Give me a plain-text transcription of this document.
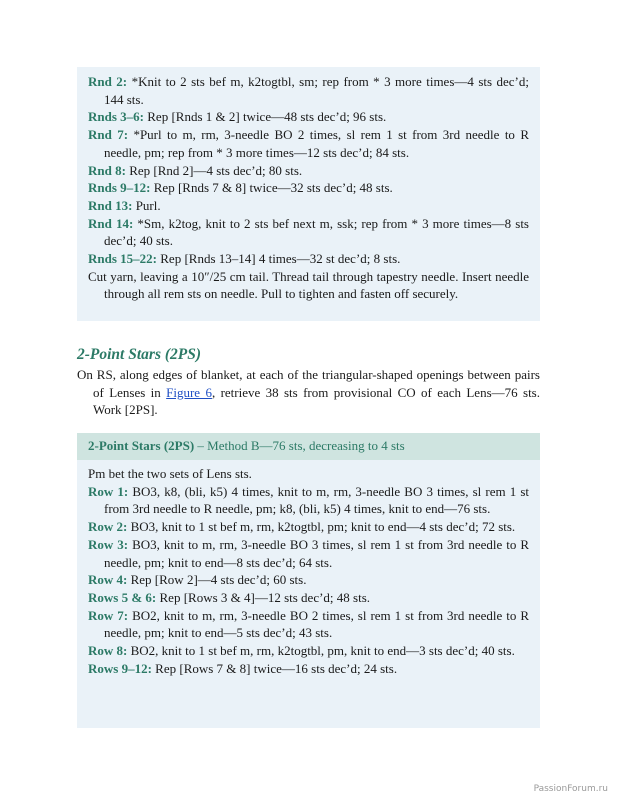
Rnd 2: *Knit to 2 sts bef m, k2togtbl, sm; rep from * 3 more times—4 sts dec’d; 144 sts.

Rnds 3–6: Rep [Rnds 1 & 2] twice—48 sts dec’d; 96 sts.

Rnd 7: *Purl to m, rm, 3-needle BO 2 times, sl rem 1 st from 3rd needle to R needle, pm; rep from * 3 more times—12 sts dec’d; 84 sts.

Rnd 8: Rep [Rnd 2]—4 sts dec’d; 80 sts.

Rnds 9–12: Rep [Rnds 7 & 8] twice—32 sts dec’d; 48 sts.

Rnd 13: Purl.

Rnd 14: *Sm, k2tog, knit to 2 sts bef next m, ssk; rep from * 3 more times—8 sts dec’d; 40 sts.

Rnds 15–22: Rep [Rnds 13–14] 4 times—32 st dec’d; 8 sts.

Cut yarn, leaving a 10″/25 cm tail. Thread tail through tapestry needle. Insert needle through all rem sts on needle. Pull to tighten and fasten off securely.

2-Point Stars (2PS)

On RS, along edges of blanket, at each of the triangular-shaped openings between pairs of Lenses in Figure 6, retrieve 38 sts from provisional CO of each Lens—76 sts. Work [2PS].

2-Point Stars (2PS) – Method B—76 sts, decreasing to 4 sts

Pm bet the two sets of Lens sts.

Row 1: BO3, k8, (bli, k5) 4 times, knit to m, rm, 3-needle BO 3 times, sl rem 1 st from 3rd needle to R needle, pm; k8, (bli, k5) 4 times, knit to end—76 sts.

Row 2: BO3, knit to 1 st bef m, rm, k2togtbl, pm; knit to end—4 sts dec’d; 72 sts.

Row 3: BO3, knit to m, rm, 3-needle BO 3 times, sl rem 1 st from 3rd needle to R needle, pm; knit to end—8 sts dec’d; 64 sts.

Row 4: Rep [Row 2]—4 sts dec’d; 60 sts.

Rows 5 & 6: Rep [Rows 3 & 4]—12 sts dec’d; 48 sts.

Row 7: BO2, knit to m, rm, 3-needle BO 2 times, sl rem 1 st from 3rd needle to R needle, pm; knit to end—5 sts dec’d; 43 sts.

Row 8: BO2, knit to 1 st bef m, rm, k2togtbl, pm, knit to end—3 sts dec’d; 40 sts.

Rows 9–12: Rep [Rows 7 & 8] twice—16 sts dec’d; 24 sts.

PassionForum.ru
